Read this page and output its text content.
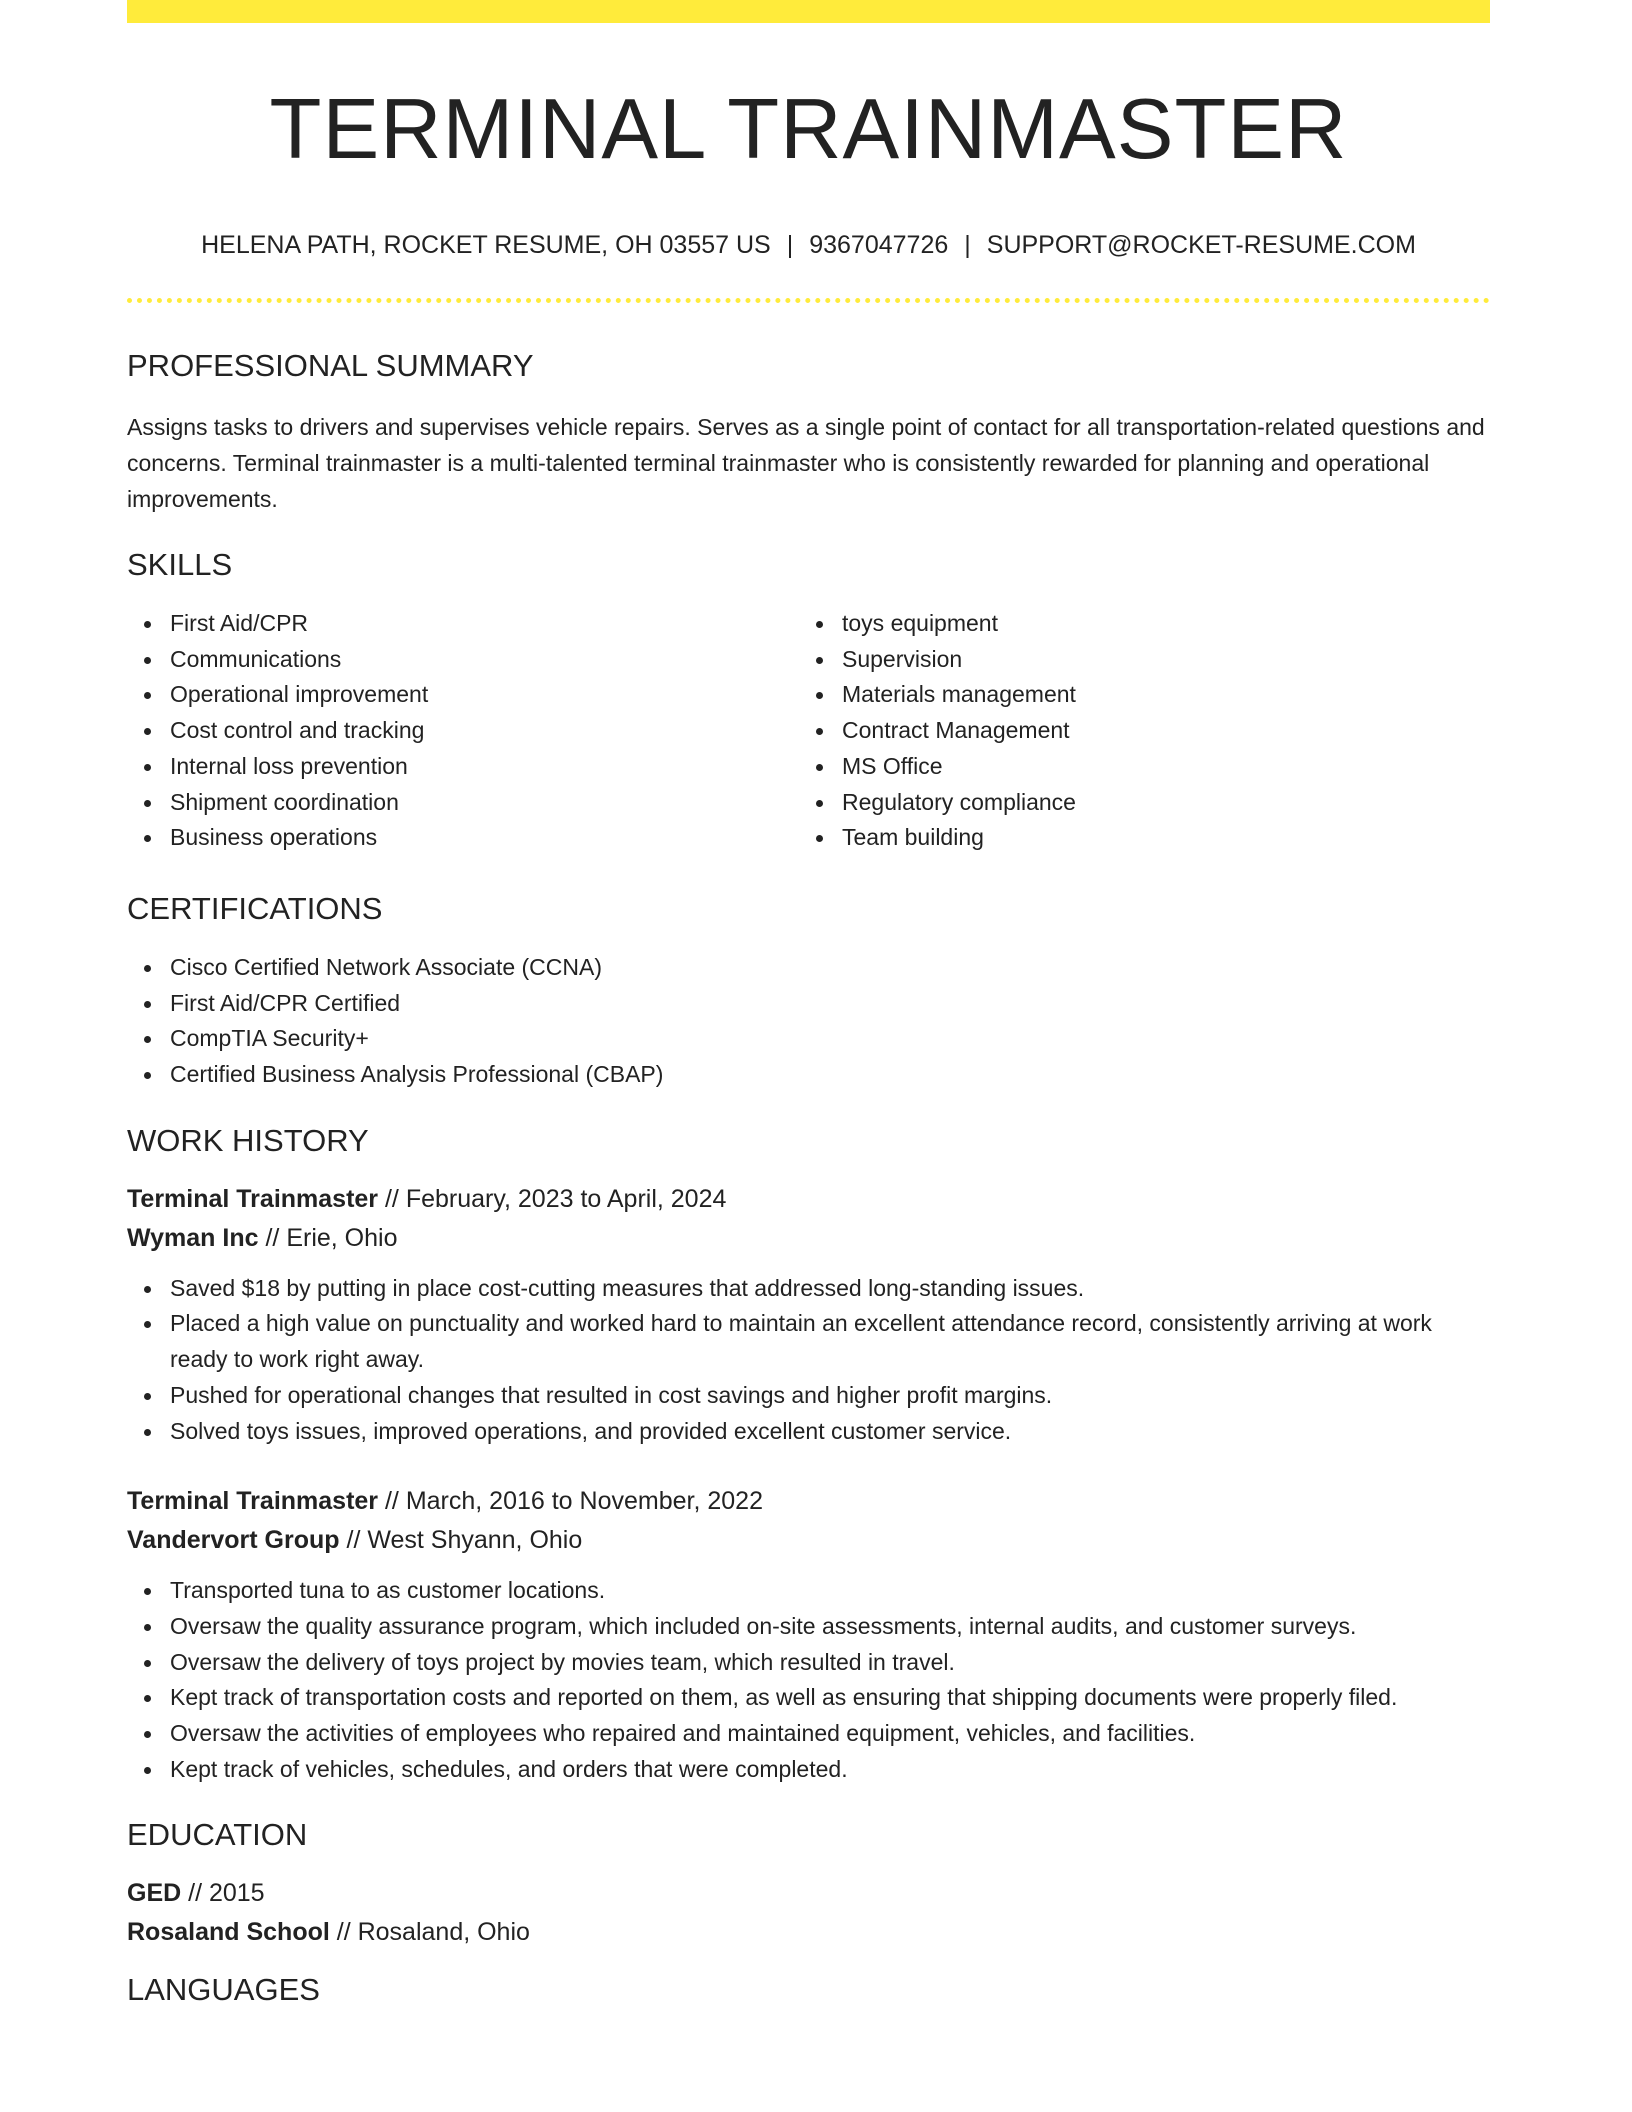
TERMINAL TRAINMASTER
HELENA PATH, ROCKET RESUME, OH 03557 US | 9367047726 | SUPPORT@ROCKET-RESUME.COM
PROFESSIONAL SUMMARY

Assigns tasks to drivers and supervises vehicle repairs. Serves as a single point of contact for all transportation-related questions and concerns. Terminal trainmaster is a multi-talented terminal trainmaster who is consistently rewarded for planning and operational improvements.

SKILLS
First Aid/CPR
Communications
Operational improvement
Cost control and tracking
Internal loss prevention
Shipment coordination
Business operations
toys equipment
Supervision
Materials management
Contract Management
MS Office
Regulatory compliance
Team building
CERTIFICATIONS
Cisco Certified Network Associate (CCNA)
First Aid/CPR Certified
CompTIA Security+
Certified Business Analysis Professional (CBAP)
WORK HISTORY
Terminal Trainmaster // February, 2023 to April, 2024
Wyman Inc // Erie, Ohio
Saved $18 by putting in place cost-cutting measures that addressed long-standing issues.
Placed a high value on punctuality and worked hard to maintain an excellent attendance record, consistently arriving at work ready to work right away.
Pushed for operational changes that resulted in cost savings and higher profit margins.
Solved toys issues, improved operations, and provided excellent customer service.
Terminal Trainmaster // March, 2016 to November, 2022
Vandervort Group // West Shyann, Ohio
Transported tuna to as customer locations.
Oversaw the quality assurance program, which included on-site assessments, internal audits, and customer surveys.
Oversaw the delivery of toys project by movies team, which resulted in travel.
Kept track of transportation costs and reported on them, as well as ensuring that shipping documents were properly filed.
Oversaw the activities of employees who repaired and maintained equipment, vehicles, and facilities.
Kept track of vehicles, schedules, and orders that were completed.
EDUCATION
GED // 2015
Rosaland School // Rosaland, Ohio
LANGUAGES
